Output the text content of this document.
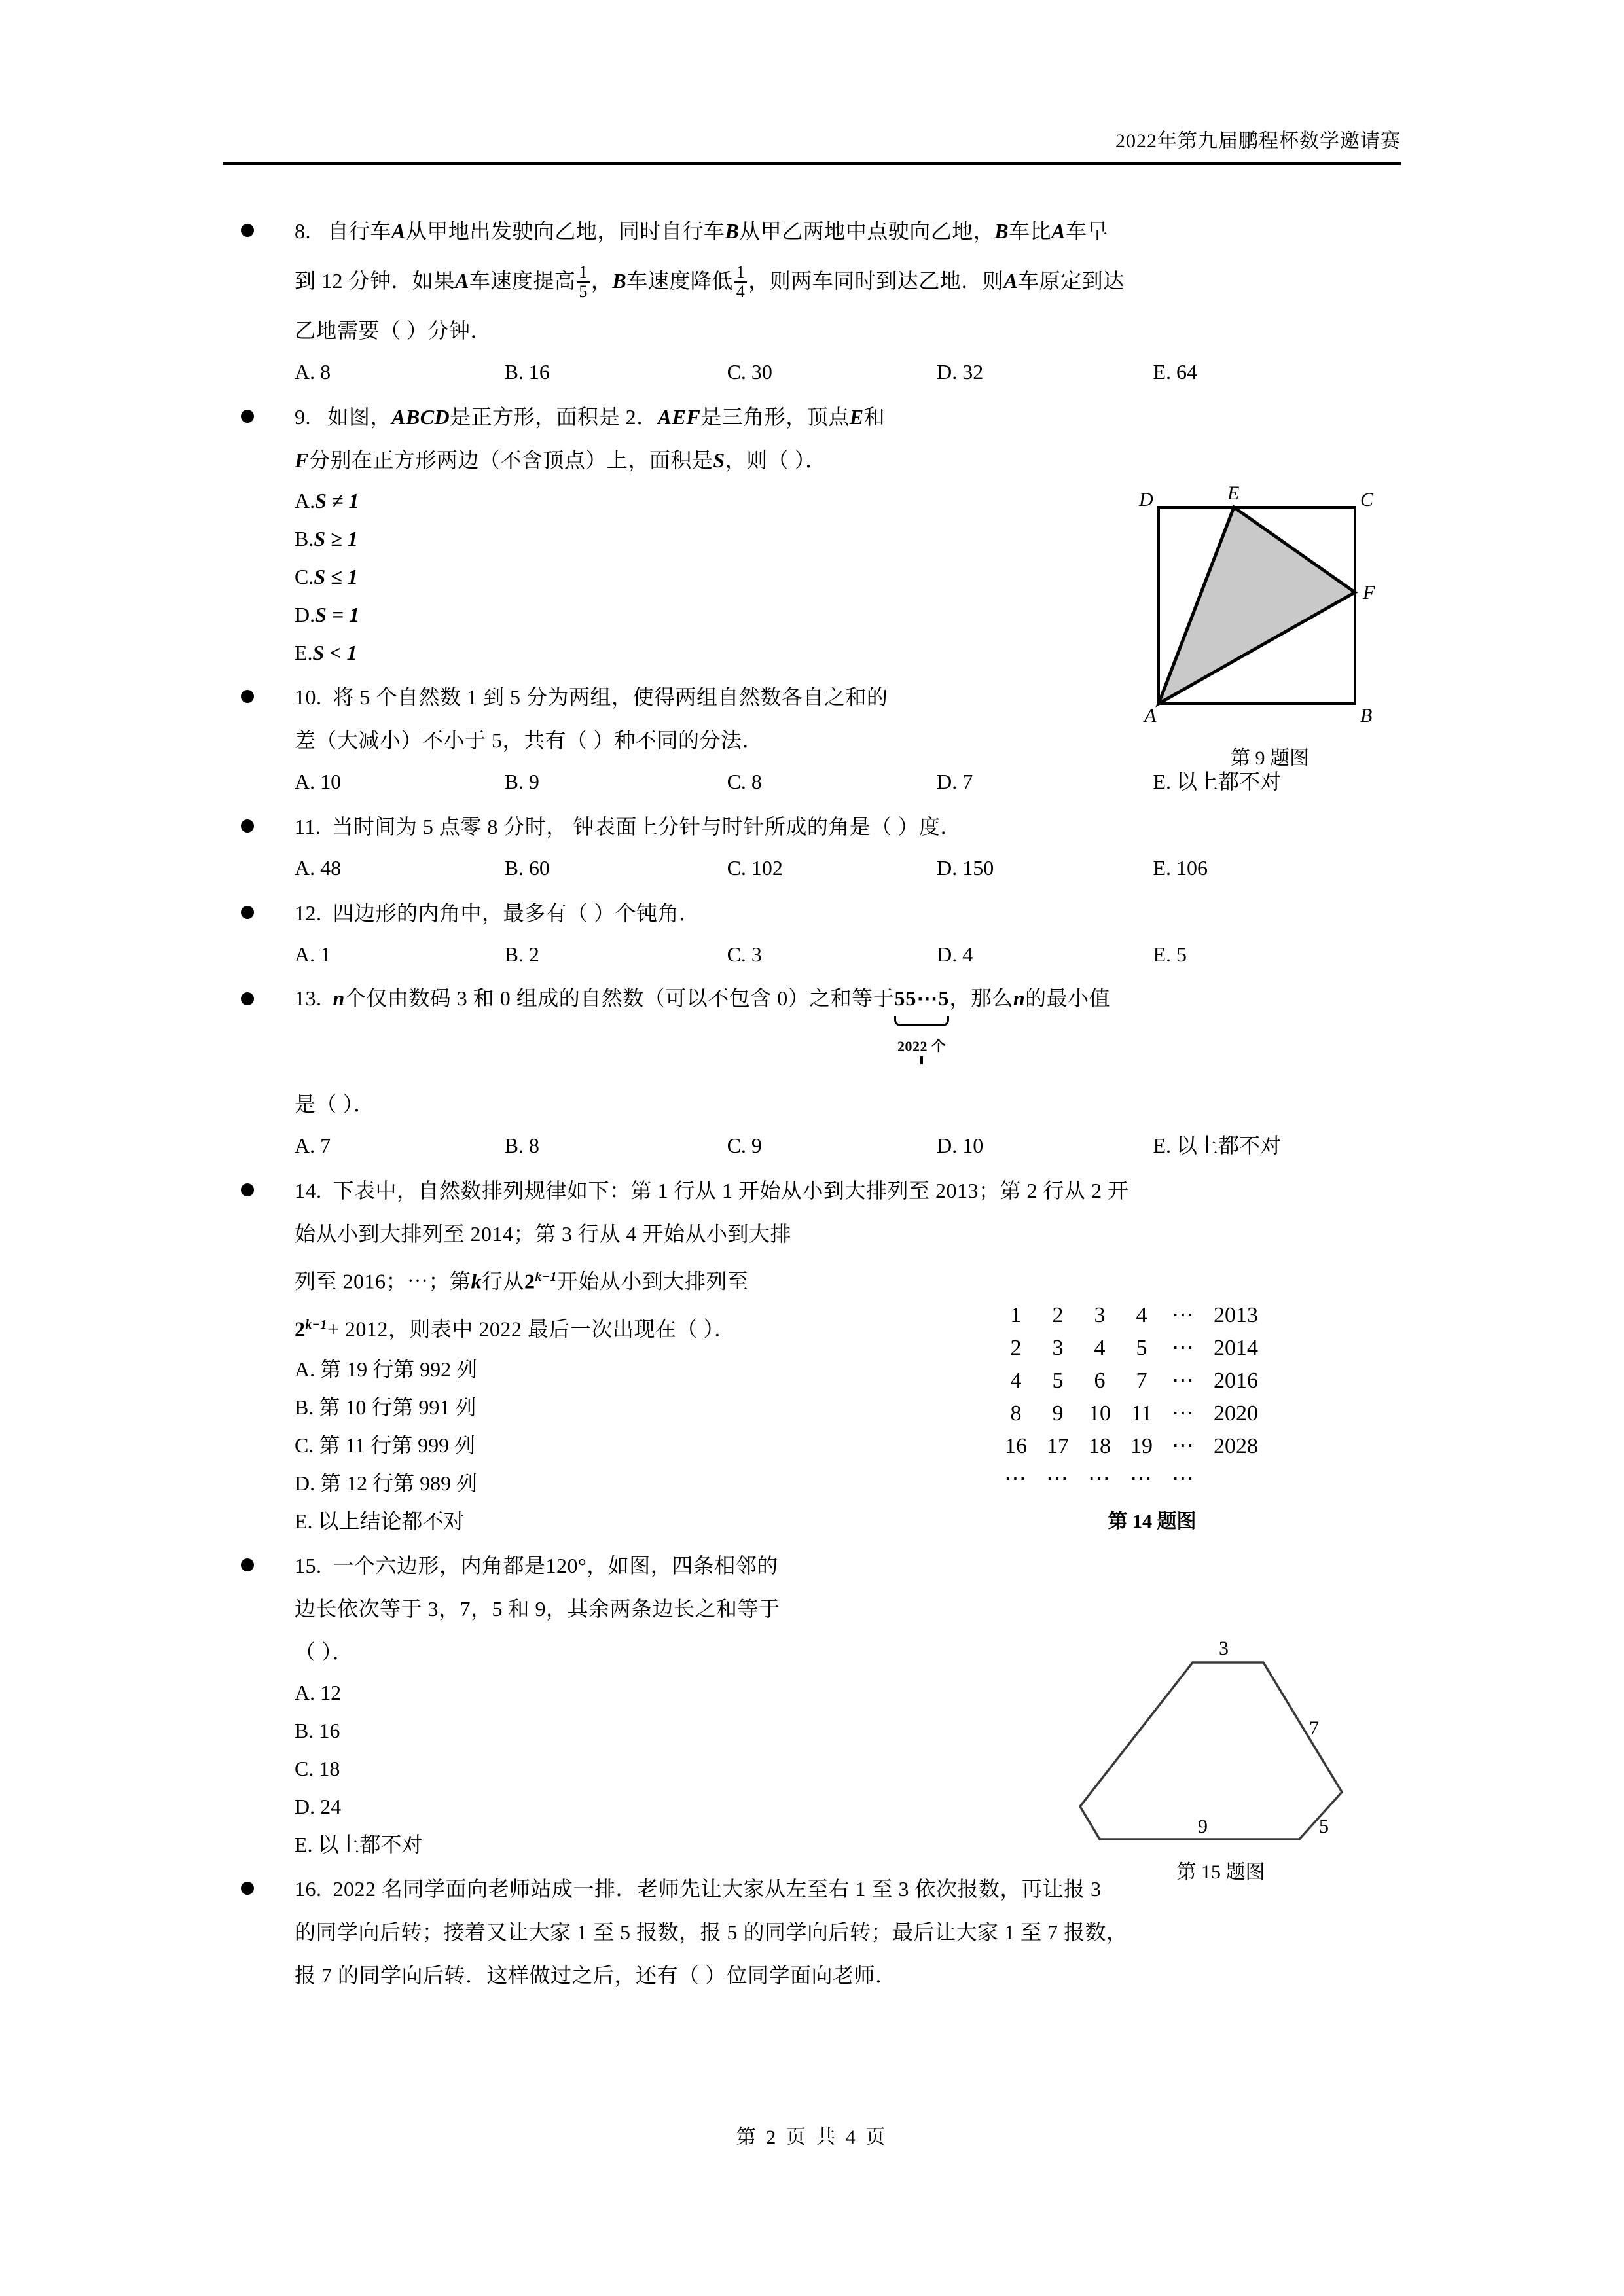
2022年第九届鹏程杯数学邀请赛
8. 自行车A从甲地出发驶向乙地，同时自行车B从甲乙两地中点驶向乙地，B车比A车早
到 12 分钟．如果A车速度提高 $\frac{1}{5}$ ，B车速度降低 $\frac{1}{4}$ ，则两车同时到达乙地．则A车原定到达
乙地需要（ ）分钟．
A. 8	B. 16	C. 30	D. 32	E. 64
9. 如图，ABCD是正方形，面积是 2．AEF是三角形，顶点E和
F分别在正方形两边（不含顶点）上，面积是S，则（ ）．
A.S ≠ 1
B.S ≥ 1
C.S ≤ 1
D.S = 1
E.S < 1
10. 将 5 个自然数 1 到 5 分为两组，使得两组自然数各自之和的
差（大减小）不小于 5，共有（ ）种不同的分法．
A. 10	B. 9	C. 8	D. 7	E. 以上都不对
11. 当时间为 5 点零 8 分时， 钟表面上分针与时针所成的角是（ ）度．
A. 48	B. 60	C. 102	D. 150	E. 106
12. 四边形的内角中，最多有（ ）个钝角．
A. 1	B. 2	C. 3	D. 4	E. 5
13. n个仅由数码 3 和 0 组成的自然数（可以不包含 0）之和等于 55⋯5
2022 个
，那么n的最小值
是（ ）．
A. 7	B. 8	C. 9	D. 10	E. 以上都不对
14. 下表中，自然数排列规律如下：第 1 行从 1 开始从小到大排列至 2013；第 2 行从 2 开
始从小到大排列至 2014；第 3 行从 4 开始从小到大排
列至 2016；⋯；第k行从$2^{k-1}$开始从小到大排列至
$2^{k-1}+ 2012$，则表中 2022 最后一次出现在（ ）．
A. 第 19 行第 992 列
B. 第 10 行第 991 列
C. 第 11 行第 999 列
D. 第 12 行第 989 列
E. 以上结论都不对
15. 一个六边形，内角都是120°，如图，四条相邻的
边长依次等于 3，7，5 和 9，其余两条边长之和等于
（ ）．
A. 12
B. 16
C. 18
D. 24
E. 以上都不对
16. 2022 名同学面向老师站成一排．老师先让大家从左至右 1 至 3 依次报数，再让报 3
的同学向后转；接着又让大家 1 至 5 报数，报 5 的同学向后转；最后让大家 1 至 7 报数，
报 7 的同学向后转．这样做过之后，还有（ ）位同学面向老师．
A	B
C
D	E
F
第 9 题图
1	2	3	4	⋯	2013
2	3	4	5	⋯	2014
4	5	6	7	⋯	2016
8	9	10	11	⋯	2020
16	17	18	19	⋯	2028
⋯	⋯	⋯	⋯	⋯	
第 14 题图
3
7
5
9
第 15 题图
第 2 页 共 4 页
